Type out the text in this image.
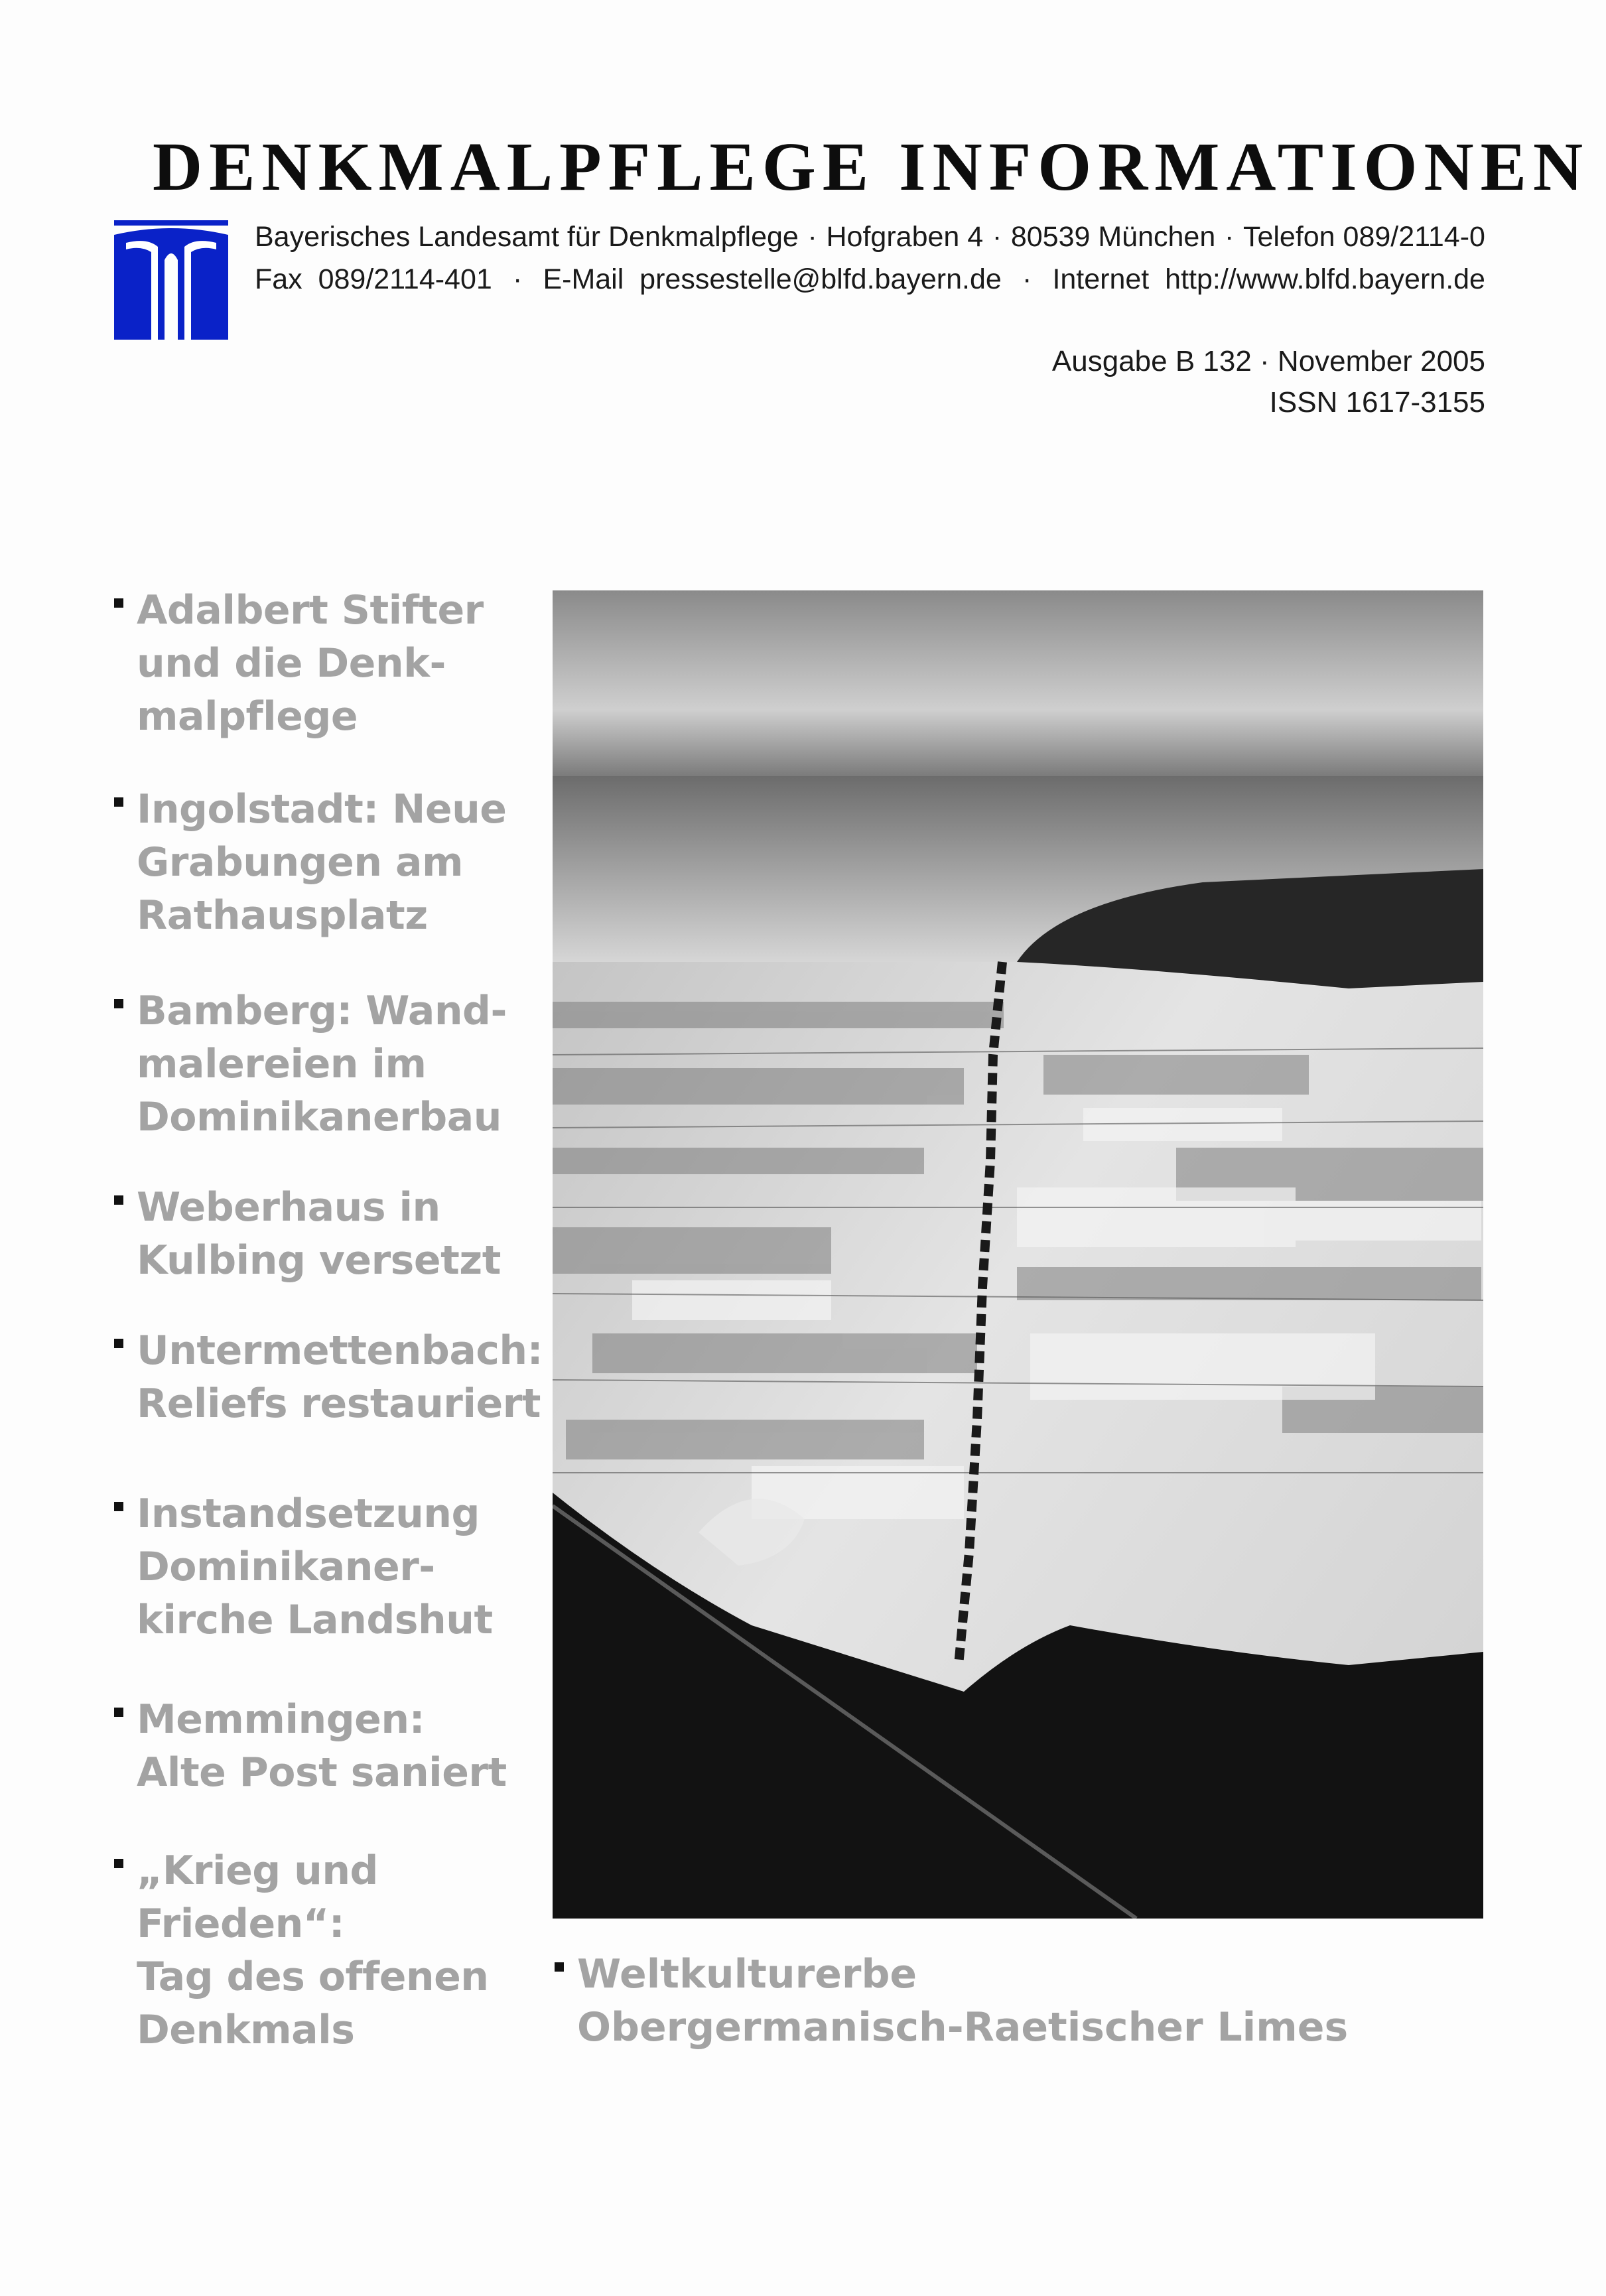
DENKMALPFLEGE INFORMATIONEN
Bayerisches Landesamt für Denkmalpflege · Hofgraben 4 · 80539 München · Telefon 089/2114-0
Fax  089/2114-401 · E-Mail  pressestelle@blfd.bayern.de · Internet  http://www.blfd.bayern.de
Ausgabe B 132 · November 2005
ISSN 1617-3155
Adalbert Stifter
und die Denk-
malpflege
Ingolstadt: Neue
Grabungen am
Rathausplatz
Bamberg: Wand-
malereien im
Dominikanerbau
Weberhaus in
Kulbing versetzt
Untermettenbach:
Reliefs restauriert
Instandsetzung
Dominikaner-
kirche Landshut
Memmingen:
Alte Post saniert
„Krieg und
Frieden“:
Tag des offenen
Denkmals
Weltkulturerbe
Obergermanisch-Raetischer Limes
